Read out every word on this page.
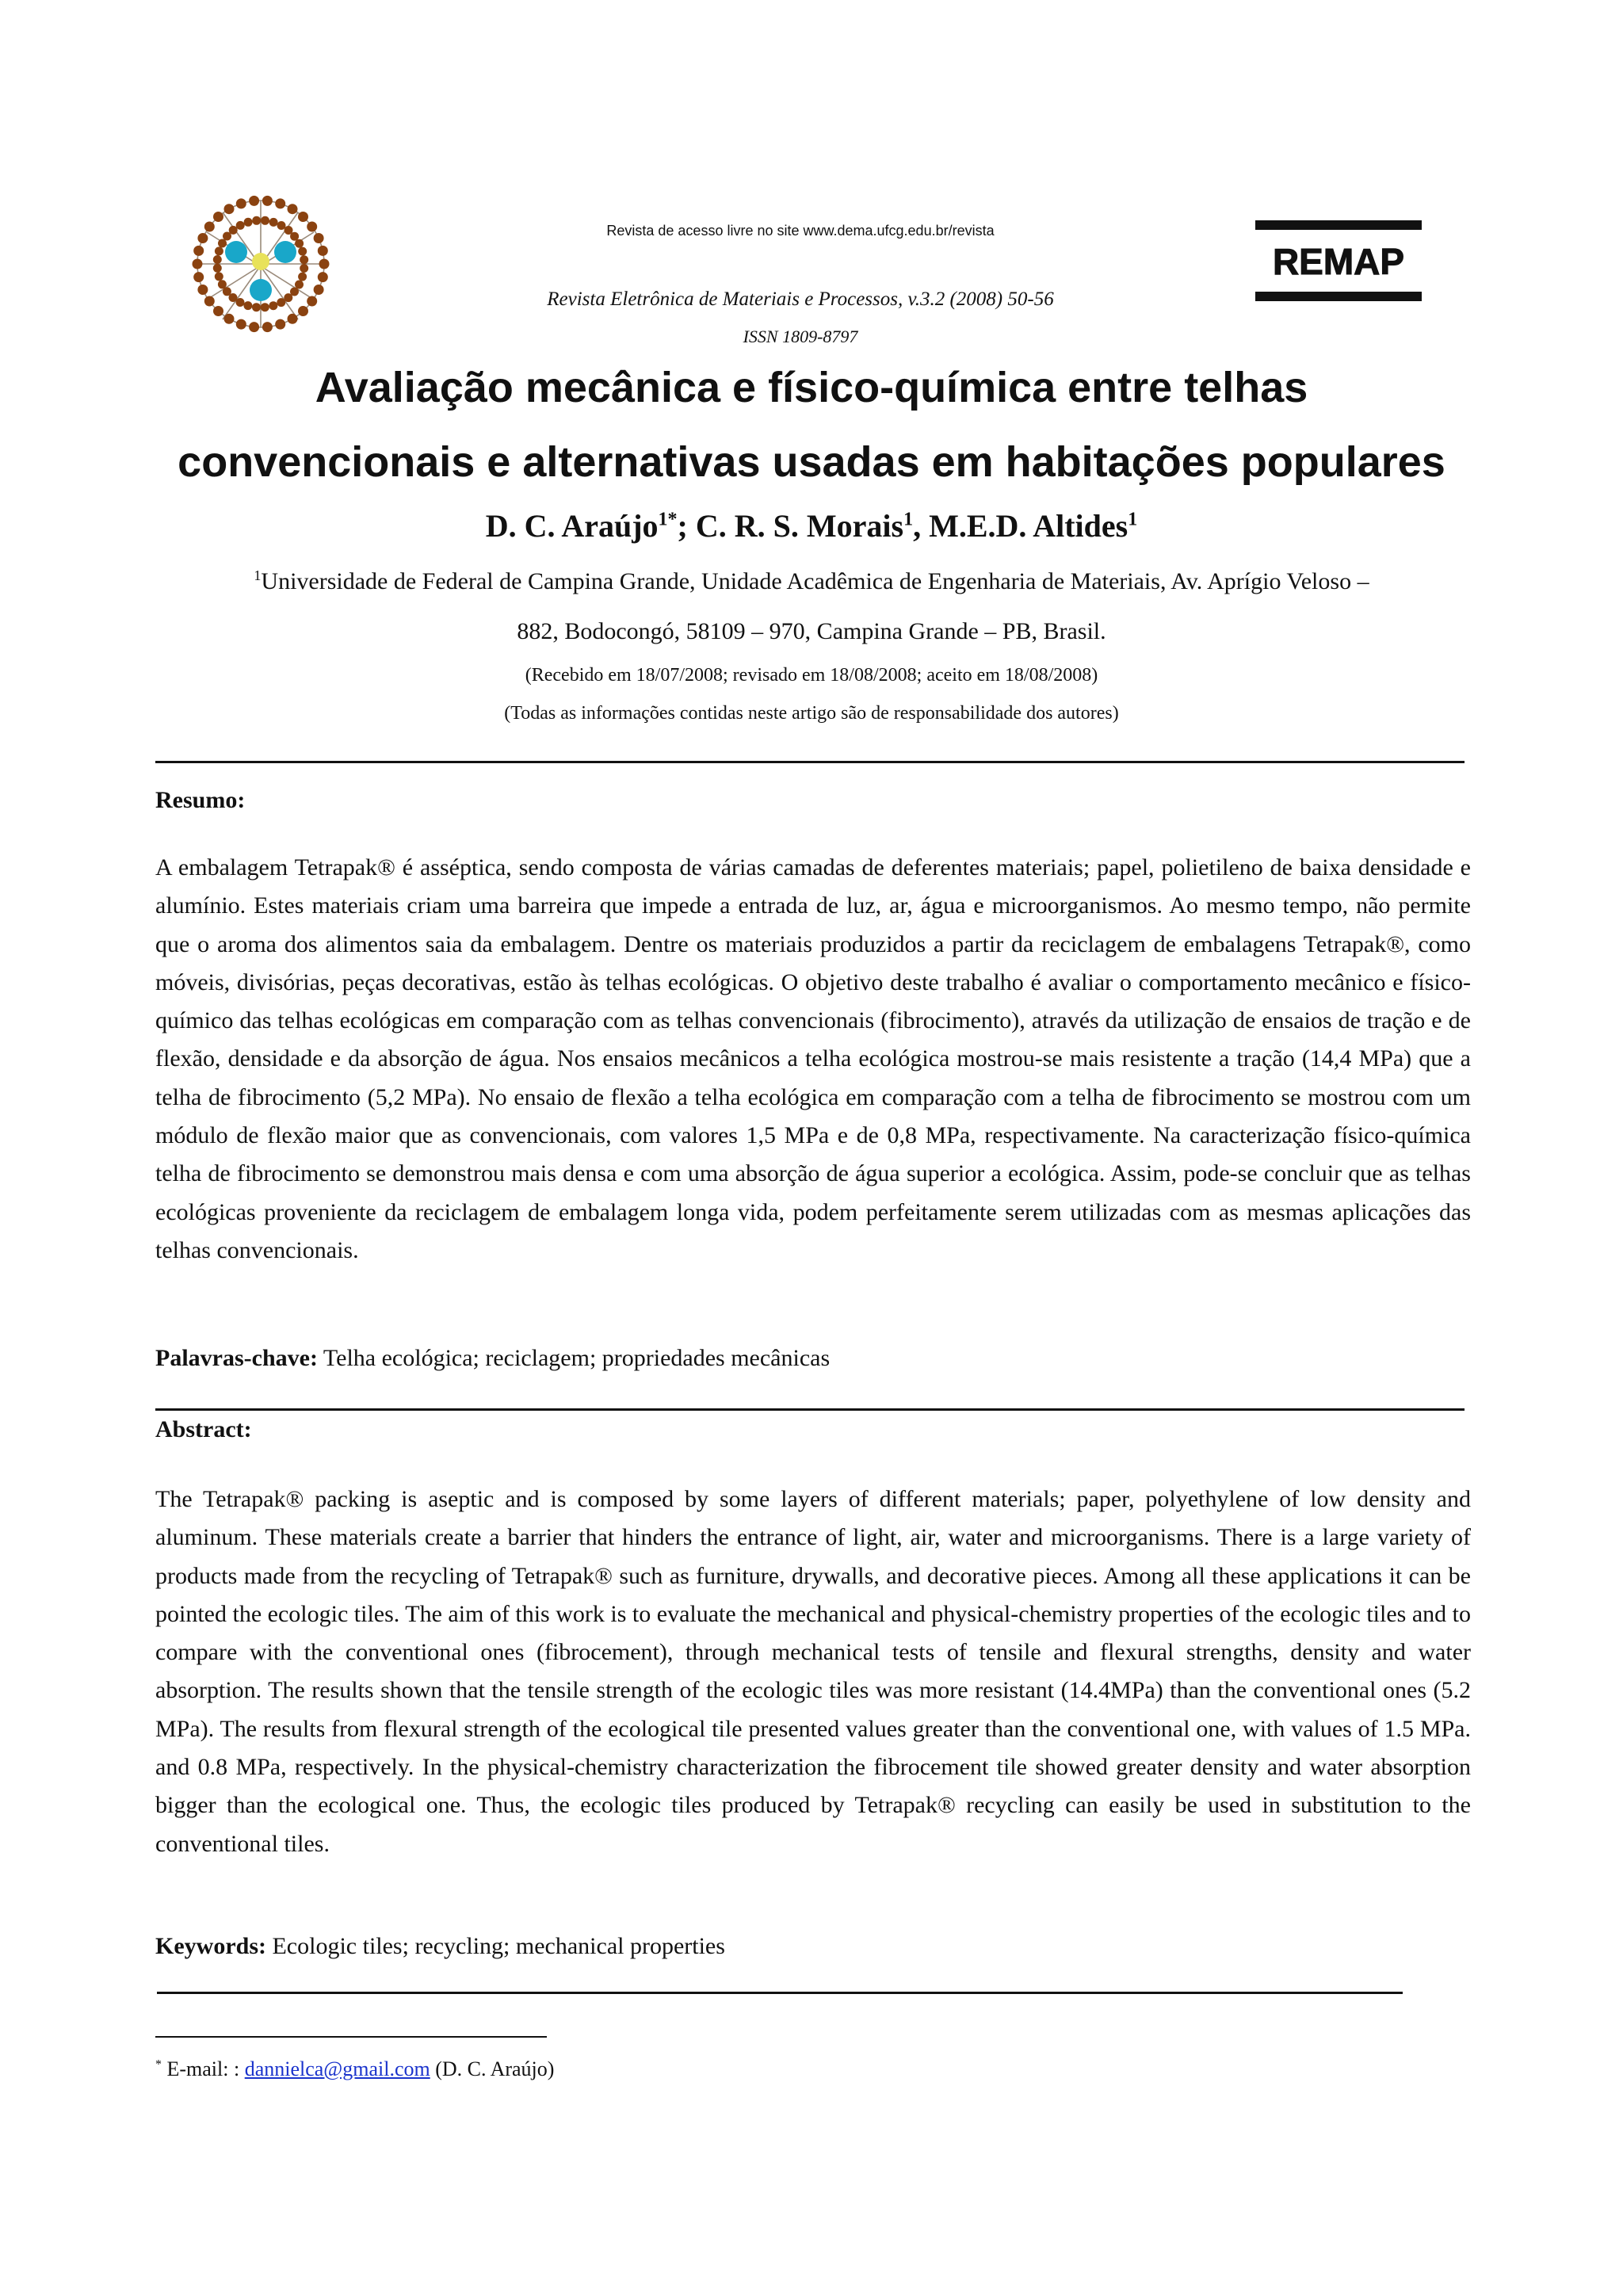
Revista de acesso livre no site www.dema.ufcg.edu.br/revista
Revista Eletrônica de Materiais e Processos, v.3.2 (2008) 50-56
ISSN 1809-8797
REMAP
Avaliação mecânica e físico-química entre telhas
convencionais e alternativas usadas em habitações populares
D. C. Araújo$^{1*}$; C. R. S. Morais$^1$, M.E.D. Altides$^1$
$^1$Universidade de Federal de Campina Grande, Unidade Acadêmica de Engenharia de Materiais, Av. Aprígio Veloso –
882, Bodocongó, 58109 – 970, Campina Grande – PB, Brasil.
(Recebido em 18/07/2008; revisado em 18/08/2008; aceito em 18/08/2008)
(Todas as informações contidas neste artigo são de responsabilidade dos autores)
Resumo:
A embalagem Tetrapak® é asséptica, sendo composta de várias camadas de deferentes materiais; papel, polietileno de baixa densidade e alumínio. Estes materiais criam uma barreira que impede a entrada de luz, ar, água e microorganismos. Ao mesmo tempo, não permite que o aroma dos alimentos saia da embalagem. Dentre os materiais produzidos a partir da reciclagem de embalagens Tetrapak®, como móveis, divisórias, peças decorativas, estão às telhas ecológicas. O objetivo deste trabalho é avaliar o comportamento mecânico e físico-químico das telhas ecológicas em comparação com as telhas convencionais (fibrocimento), através da utilização de ensaios de tração e de flexão, densidade e da absorção de água. Nos ensaios mecânicos a telha ecológica mostrou-se mais resistente a tração (14,4 MPa) que a telha de fibrocimento (5,2 MPa). No ensaio de flexão a telha ecológica em comparação com a telha de fibrocimento se mostrou com um módulo de flexão maior que as convencionais, com valores 1,5 MPa e de 0,8 MPa, respectivamente. Na caracterização físico-química telha de fibrocimento se demonstrou mais densa e com uma absorção de água superior a ecológica. Assim, pode-se concluir que as telhas ecológicas proveniente da reciclagem de embalagem longa vida, podem perfeitamente serem utilizadas com as mesmas aplicações das telhas convencionais.
Palavras-chave: Telha ecológica; reciclagem; propriedades mecânicas
Abstract:
The Tetrapak® packing is aseptic and is composed by some layers of different materials; paper, polyethylene of low density and aluminum. These materials create a barrier that hinders the entrance of light, air, water and microorganisms. There is a large variety of products made from the recycling of Tetrapak® such as furniture, drywalls, and decorative pieces. Among all these applications it can be pointed the ecologic tiles. The aim of this work is to evaluate the mechanical and physical-chemistry properties of the ecologic tiles and to compare with the conventional ones (fibrocement), through mechanical tests of tensile and flexural strengths, density and water absorption. The results shown that the tensile strength of the ecologic tiles was more resistant (14.4MPa) than the conventional ones (5.2 MPa). The results from flexural strength of the ecological tile presented values greater than the conventional one, with values of 1.5 MPa. and 0.8 MPa, respectively. In the physical-chemistry characterization the fibrocement tile showed greater density and water absorption bigger than the ecological one. Thus, the ecologic tiles produced by Tetrapak® recycling can easily be used in substitution to the conventional tiles.
Keywords: Ecologic tiles; recycling; mechanical properties
* E-mail: : dannielca@gmail.com (D. C. Araújo)
